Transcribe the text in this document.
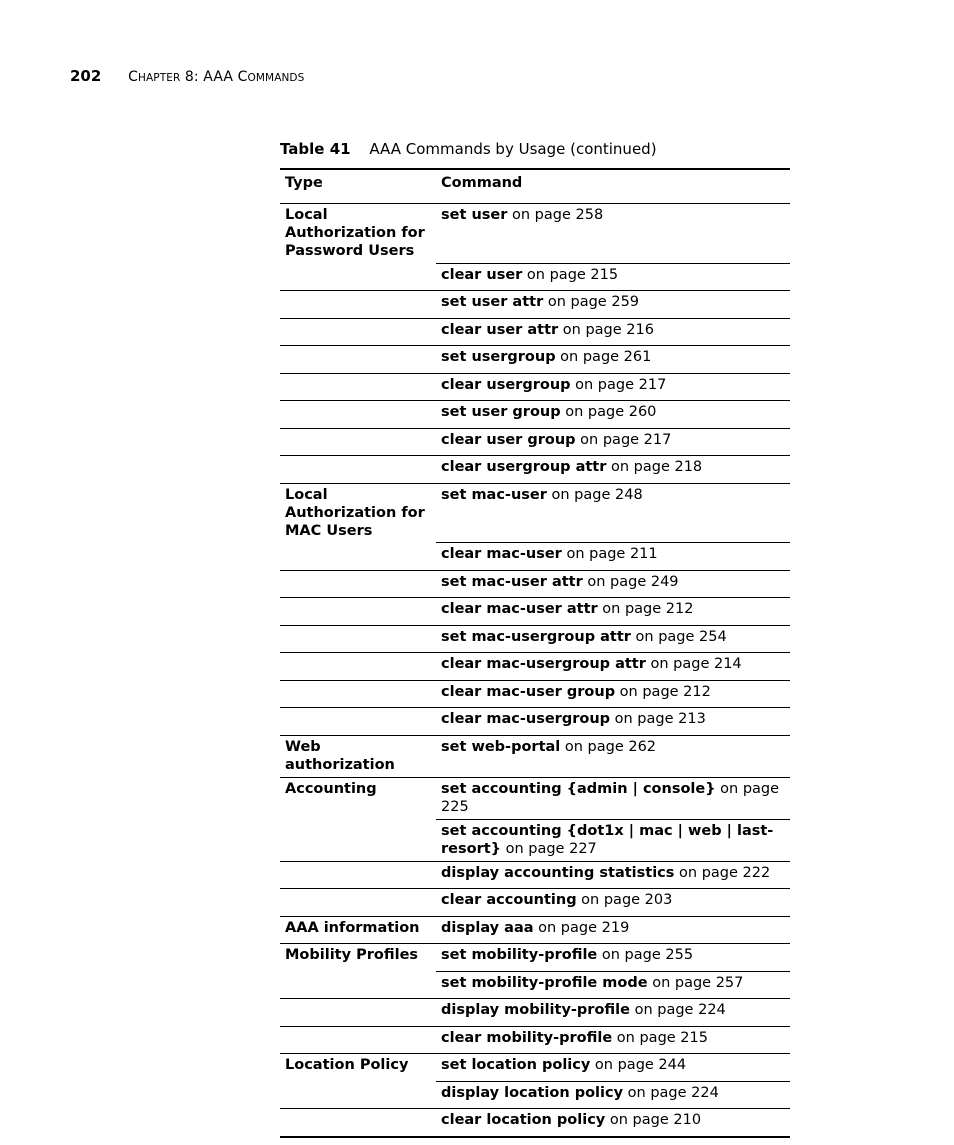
202 CHAPTER 8: AAA COMMANDS
Table 41 AAA Commands by Usage (continued)
Type	Command
Local Authorization for Password Users	set user on page 258
	clear user on page 215
	set user attr on page 259
	clear user attr on page 216
	set usergroup on page 261
	clear usergroup on page 217
	set user group on page 260
	clear user group on page 217
	clear usergroup attr on page 218
Local Authorization for MAC Users	set mac-user on page 248
	clear mac-user on page 211
	set mac-user attr on page 249
	clear mac-user attr on page 212
	set mac-usergroup attr on page 254
	clear mac-usergroup attr on page 214
	clear mac-user group on page 212
	clear mac-usergroup on page 213
Web authorization	set web-portal on page 262
Accounting	set accounting {admin | console} on page 225
	set accounting {dot1x | mac | web | last-resort} on page 227
	display accounting statistics on page 222
	clear accounting on page 203
AAA information	display aaa on page 219
Mobility Profiles	set mobility-profile on page 255
	set mobility-profile mode on page 257
	display mobility-profile on page 224
	clear mobility-profile on page 215
Location Policy	set location policy on page 244
	display location policy on page 224
	clear location policy on page 210
